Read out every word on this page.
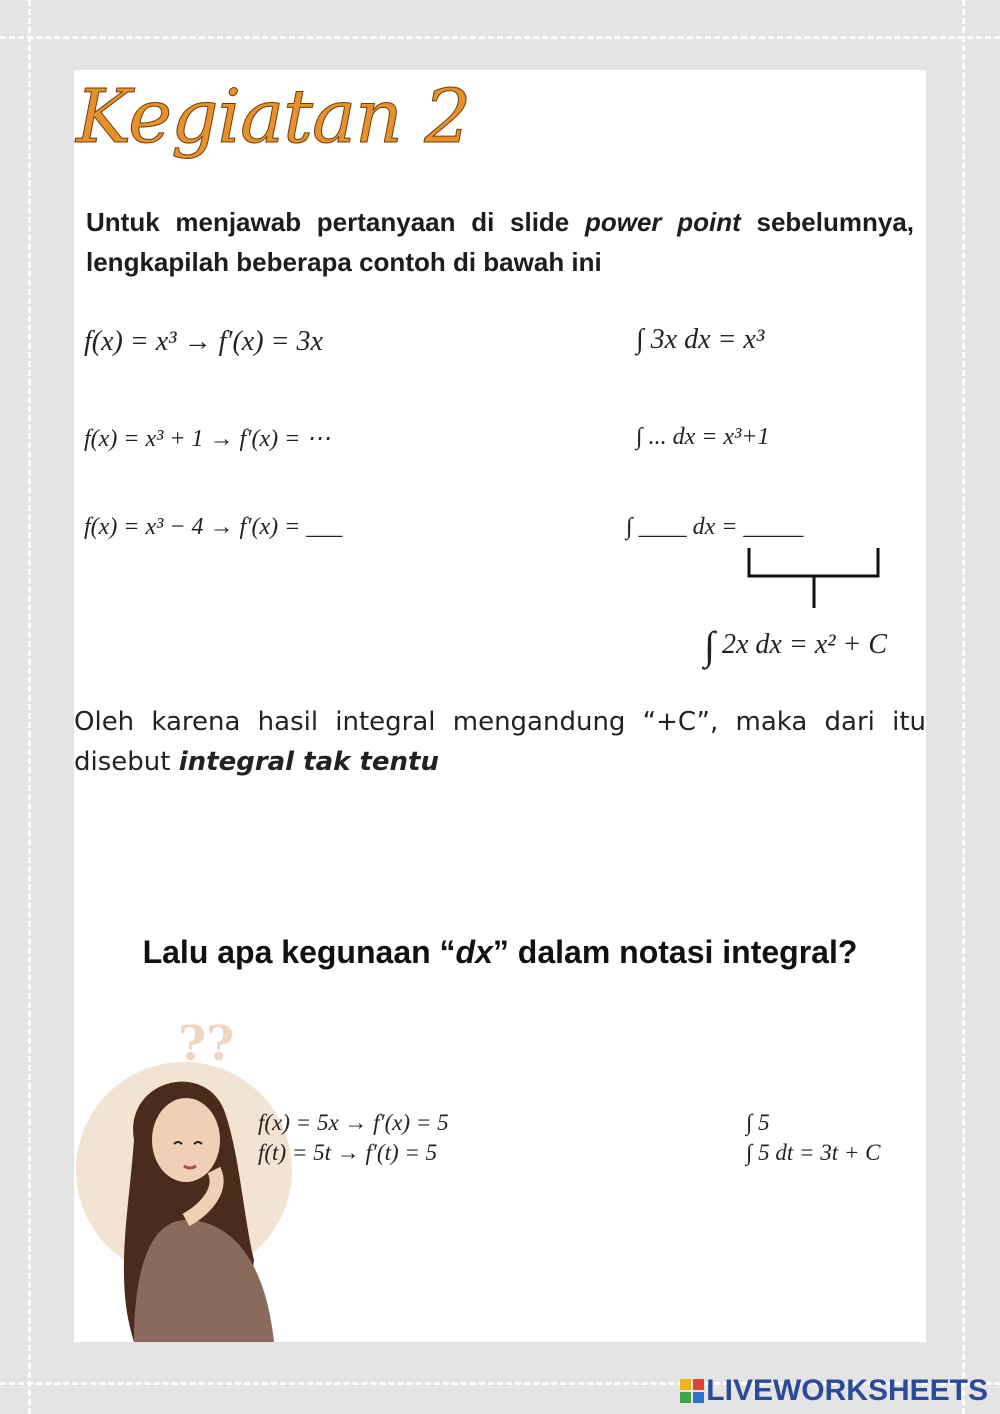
Kegiatan 2
Untuk menjawab pertanyaan di slide power point sebelumnya, lengkapilah beberapa contoh di bawah ini
f(x) = x³ → f′(x) = 3x
f(x) = x³ + 1 → f′(x) = ⋯
f(x) = x³ − 4 → f′(x) = ___
∫ 3x dx = x³
∫ ... dx = x³+1
∫ ____ dx = _____
∫ 2x dx = x² + C
Oleh karena hasil integral mengandung “+C”, maka dari itu disebut integral tak tentu
Lalu apa kegunaan “dx” dalam notasi integral?
??
f(x) = 5x → f′(x) = 5
f(t) = 5t → f′(t) = 5
∫ 5
∫ 5 dt = 3t + C
LIVEWORKSHEETS
